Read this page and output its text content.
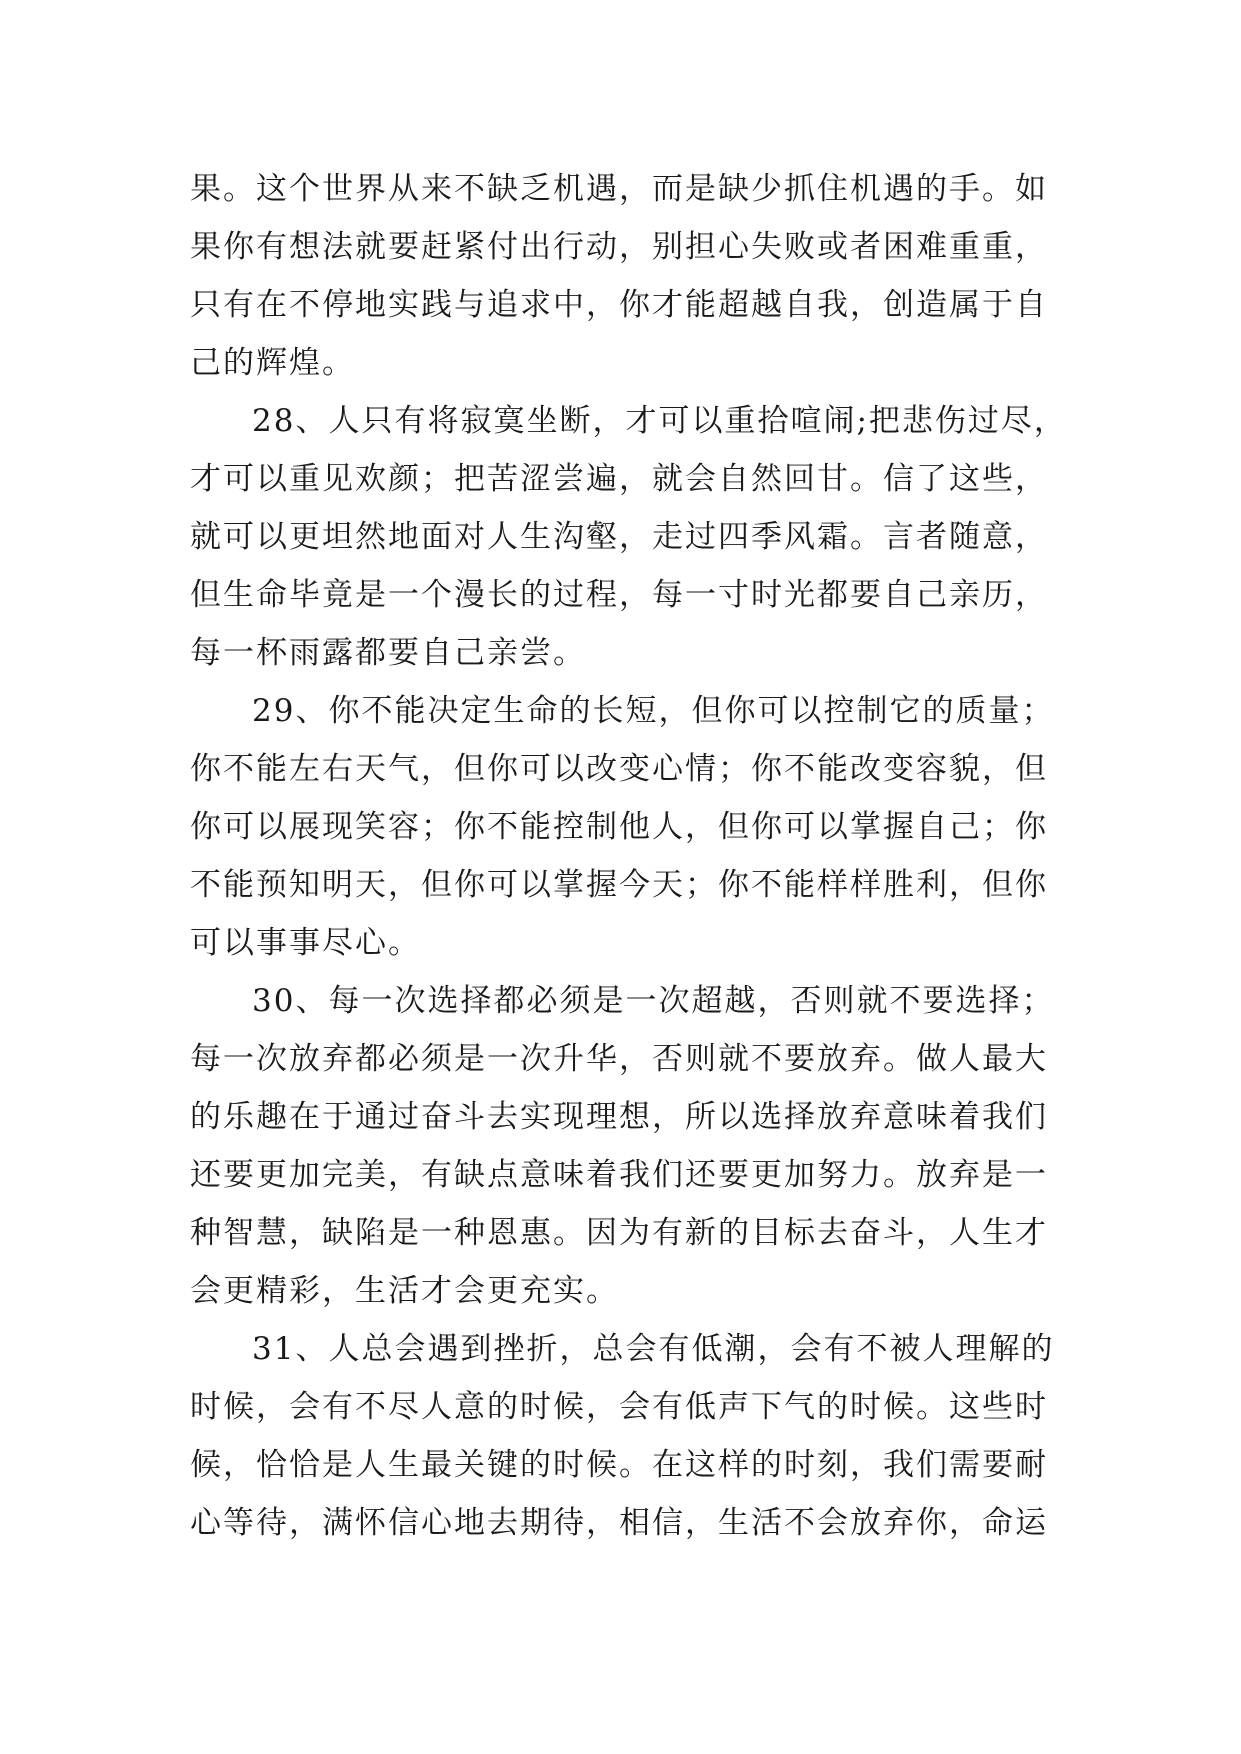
果。这个世界从来不缺乏机遇，而是缺少抓住机遇的手。如
果你有想法就要赶紧付出行动，别担心失败或者困难重重，
只有在不停地实践与追求中，你才能超越自我，创造属于自
己的辉煌。
28、人只有将寂寞坐断，才可以重拾喧闹;把悲伤过尽，
才可以重见欢颜；把苦涩尝遍，就会自然回甘。信了这些，
就可以更坦然地面对人生沟壑，走过四季风霜。言者随意，
但生命毕竟是一个漫长的过程，每一寸时光都要自己亲历，
每一杯雨露都要自己亲尝。
29、你不能决定生命的长短，但你可以控制它的质量；
你不能左右天气，但你可以改变心情；你不能改变容貌，但
你可以展现笑容；你不能控制他人，但你可以掌握自己；你
不能预知明天，但你可以掌握今天；你不能样样胜利，但你
可以事事尽心。
30、每一次选择都必须是一次超越，否则就不要选择；
每一次放弃都必须是一次升华，否则就不要放弃。做人最大
的乐趣在于通过奋斗去实现理想，所以选择放弃意味着我们
还要更加完美，有缺点意味着我们还要更加努力。放弃是一
种智慧，缺陷是一种恩惠。因为有新的目标去奋斗，人生才
会更精彩，生活才会更充实。
31、人总会遇到挫折，总会有低潮，会有不被人理解的
时候，会有不尽人意的时候，会有低声下气的时候。这些时
候，恰恰是人生最关键的时候。在这样的时刻，我们需要耐
心等待，满怀信心地去期待，相信，生活不会放弃你，命运
